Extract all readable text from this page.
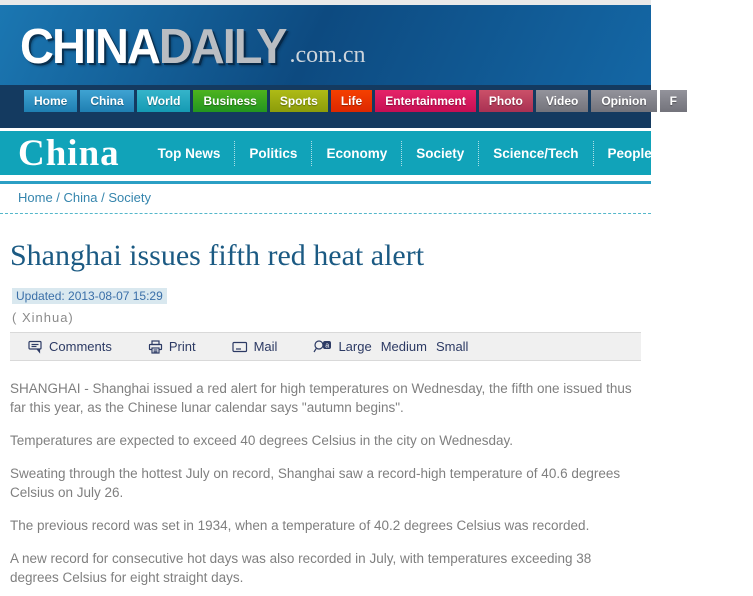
CHINA DAILY .com.cn
Home	China	World	Business	Sports	Life	Entertainment	Photo	Video	Opinion	F
China	Top News	Politics	Economy	Society	Science/Tech	People	China Sc
Home / China / Society
Shanghai issues fifth red heat alert
Updated: 2013-08-07 15:29
( Xinhua)
Comments	Print	Mail	a Large Medium Small

SHANGHAI - Shanghai issued a red alert for high temperatures on Wednesday, the fifth one issued thus far this year, as the Chinese lunar calendar says "autumn begins".

Temperatures are expected to exceed 40 degrees Celsius in the city on Wednesday.

Sweating through the hottest July on record, Shanghai saw a record-high temperature of 40.6 degrees Celsius on July 26.

The previous record was set in 1934, when a temperature of 40.2 degrees Celsius was recorded.

A new record for consecutive hot days was also recorded in July, with temperatures exceeding 38 degrees Celsius for eight straight days.
